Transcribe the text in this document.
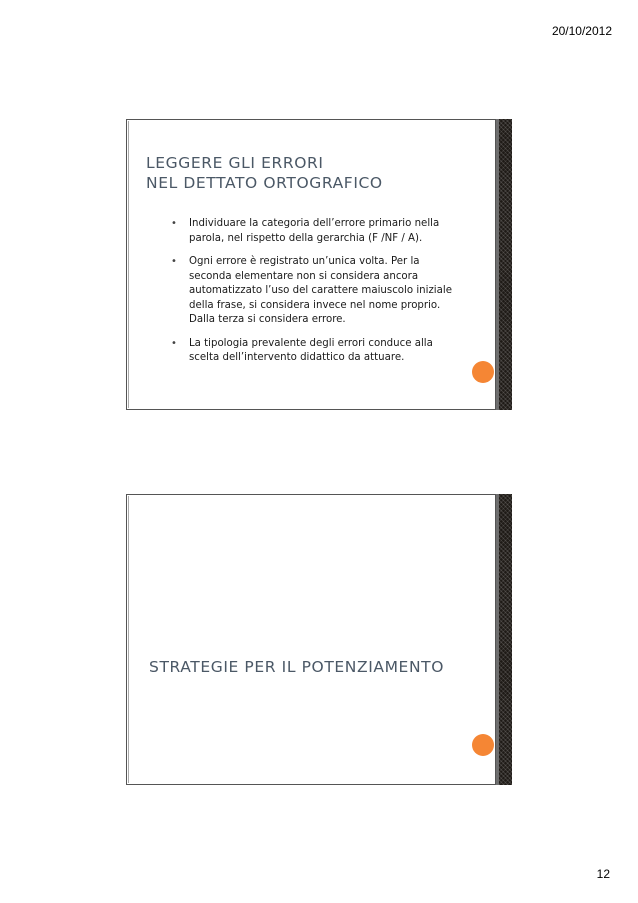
20/10/2012
LEGGERE GLI ERRORI
NEL DETTATO ORTOGRAFICO
• Individuare la categoria dell’errore primario nella
parola, nel rispetto della gerarchia (F /NF / A).
• Ogni errore è registrato un’unica volta. Per la
seconda elementare non si considera ancora
automatizzato l’uso del carattere maiuscolo iniziale
della frase, si considera invece nel nome proprio.
Dalla terza si considera errore.
• La tipologia prevalente degli errori conduce alla
scelta dell’intervento didattico da attuare.
STRATEGIE PER IL POTENZIAMENTO
12
